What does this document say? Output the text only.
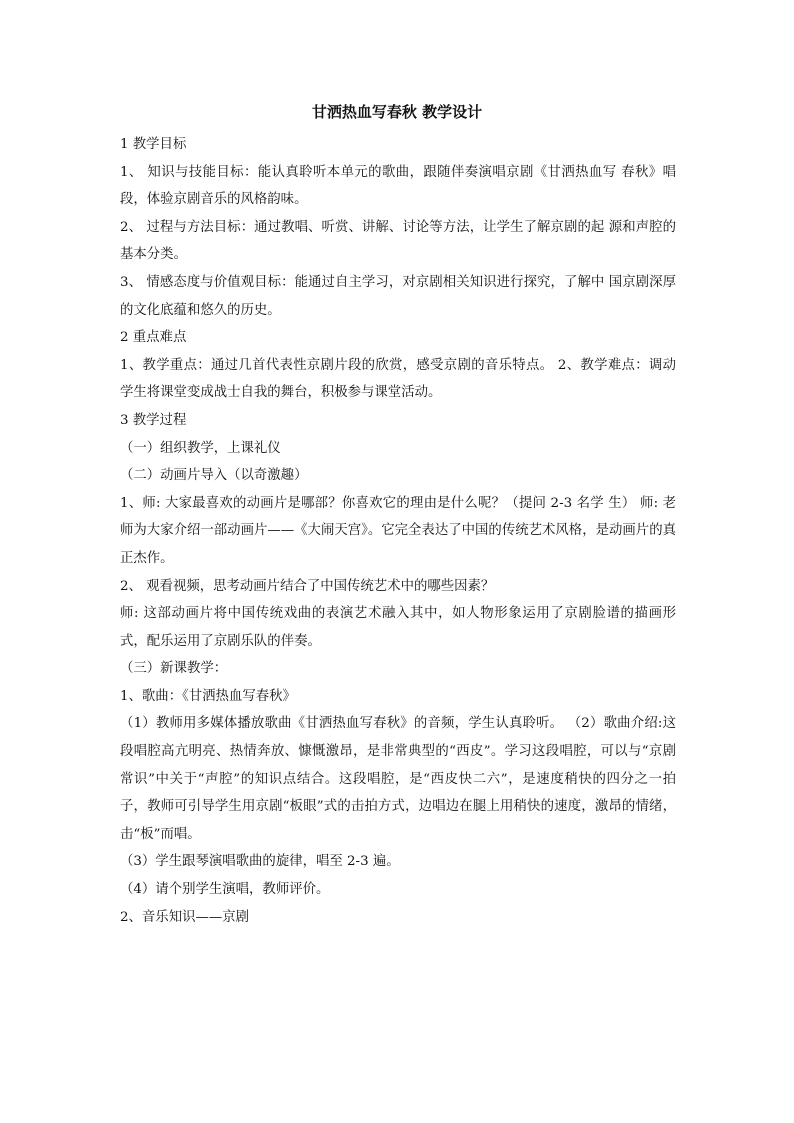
甘洒热血写春秋 教学设计

1 教学目标

1、 知识与技能目标：能认真聆听本单元的歌曲，跟随伴奏演唱京剧《甘洒热血写 春秋》唱段，体验京剧音乐的风格韵味。

2、 过程与方法目标：通过教唱、听赏、讲解、讨论等方法，让学生了解京剧的起 源和声腔的基本分类。

3、 情感态度与价值观目标：能通过自主学习，对京剧相关知识进行探究，了解中 国京剧深厚的文化底蕴和悠久的历史。

2 重点难点

1、教学重点：通过几首代表性京剧片段的欣赏，感受京剧的音乐特点。 2、教学难点：调动学生将课堂变成战士自我的舞台，积极参与课堂活动。

3 教学过程

（一）组织教学，上课礼仪

（二）动画片导入（以奇激趣）

1、师: 大家最喜欢的动画片是哪部？你喜欢它的理由是什么呢？（提问 2-3 名学 生） 师: 老师为大家介绍一部动画片——《大闹天宫》。它完全表达了中国的传统艺术风格，是动画片的真正杰作。

2、 观看视频，思考动画片结合了中国传统艺术中的哪些因素？

师: 这部动画片将中国传统戏曲的表演艺术融入其中，如人物形象运用了京剧脸谱的描画形式，配乐运用了京剧乐队的伴奏。

（三）新课教学：

1、歌曲：《甘洒热血写春秋》

（1）教师用多媒体播放歌曲《甘洒热血写春秋》的音频，学生认真聆听。 （2）歌曲介绍:这段唱腔高亢明亮、热情奔放、慷慨激昂，是非常典型的“西皮”。学习这段唱腔，可以与“京剧常识”中关于“声腔”的知识点结合。这段唱腔，是“西皮快二六”，是速度稍快的四分之一拍子，教师可引导学生用京剧“板眼”式的击拍方式，边唱边在腿上用稍快的速度，激昂的情绪，击“板”而唱。

（3）学生跟琴演唱歌曲的旋律，唱至 2-3 遍。

（4）请个别学生演唱，教师评价。

2、音乐知识——京剧
